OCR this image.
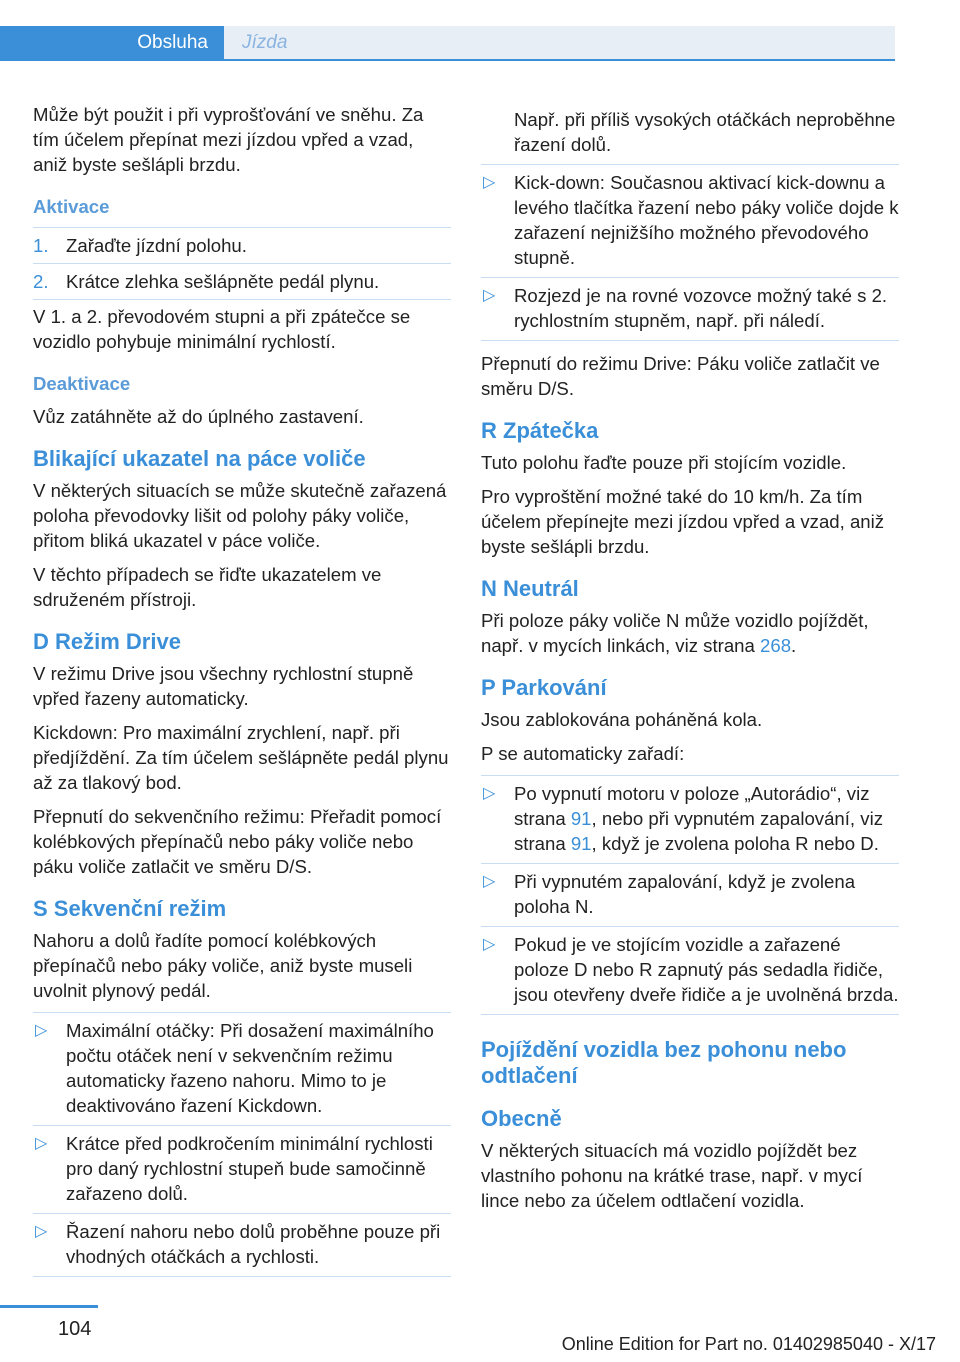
Obsluha Jízda

Může být použit i při vyprošťování ve sněhu. Za tím účelem přepínat mezi jízdou vpřed a vzad, aniž byste sešlápli brzdu.

Aktivace
1. Zařaďte jízdní polohu.
2. Krátce zlehka sešlápněte pedál plynu.

V 1. a 2. převodovém stupni a při zpátečce se vozidlo pohybuje minimální rychlostí.

Deaktivace

Vůz zatáhněte až do úplného zastavení.

Blikající ukazatel na páce voliče

V některých situacích se může skutečně zařazená poloha převodovky lišit od polohy páky voliče, přitom bliká ukazatel v páce voliče.

V těchto případech se řiďte ukazatelem ve sdruženém přístroji.

D Režim Drive

V režimu Drive jsou všechny rychlostní stupně vpřed řazeny automaticky.

Kickdown: Pro maximální zrychlení, např. při předjíždění. Za tím účelem sešlápněte pedál plynu až za tlakový bod.

Přepnutí do sekvenčního režimu: Přeřadit pomocí kolébkových přepínačů nebo páky voliče nebo páku voliče zatlačit ve směru D/S.

S Sekvenční režim

Nahoru a dolů řadíte pomocí kolébkových přepínačů nebo páky voliče, aniž byste museli uvolnit plynový pedál.

▷ Maximální otáčky: Při dosažení maximálního počtu otáček není v sekvenčním režimu automaticky řazeno nahoru. Mimo to je deaktivováno řazení Kickdown.
▷ Krátce před podkročením minimální rychlosti pro daný rychlostní stupeň bude samočinně zařazeno dolů.
▷ Řazení nahoru nebo dolů proběhne pouze při vhodných otáčkách a rychlosti.
Např. při příliš vysokých otáčkách neproběhne řazení dolů.
▷ Kick-down: Současnou aktivací kick-downu a levého tlačítka řazení nebo páky voliče dojde k zařazení nejnižšího možného převodového stupně.
▷ Rozjezd je na rovné vozovce možný také s 2. rychlostním stupněm, např. při náledí.

Přepnutí do režimu Drive: Páku voliče zatlačit ve směru D/S.

R Zpátečka

Tuto polohu řaďte pouze při stojícím vozidle.

Pro vyproštění možné také do 10 km/h. Za tím účelem přepínejte mezi jízdou vpřed a vzad, aniž byste sešlápli brzdu.

N Neutrál

Při poloze páky voliče N může vozidlo pojíždět, např. v mycích linkách, viz strana 268.

P Parkování

Jsou zablokována poháněná kola.

P se automaticky zařadí:

▷ Po vypnutí motoru v poloze „Autorádio“, viz strana 91, nebo při vypnutém zapalování, viz strana 91, když je zvolena poloha R nebo D.
▷ Při vypnutém zapalování, když je zvolena poloha N.
▷ Pokud je ve stojícím vozidle a zařazené poloze D nebo R zapnutý pás sedadla řidiče, jsou otevřeny dveře řidiče a je uvolněná brzda.
Pojíždění vozidla bez pohonu nebo odtlačení
Obecně

V některých situacích má vozidlo pojíždět bez vlastního pohonu na krátké trase, např. v mycí lince nebo za účelem odtlačení vozidla.

104
Online Edition for Part no. 01402985040 - X/17
